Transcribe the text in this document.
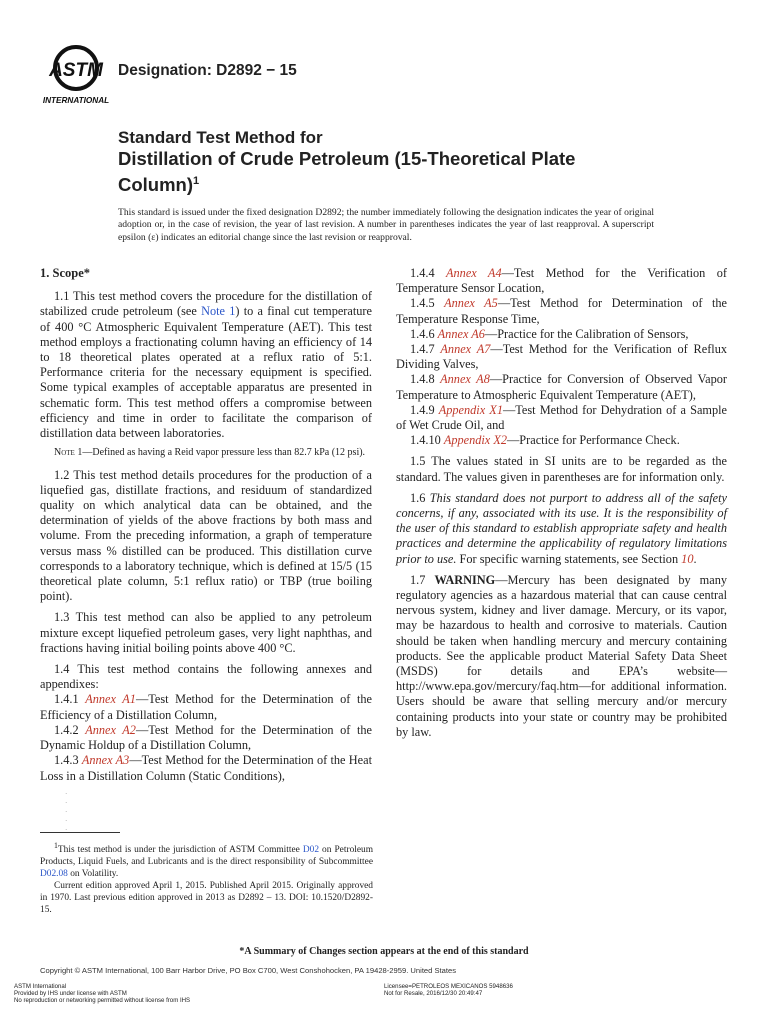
ASTM
INTERNATIONAL
Designation: D2892 − 15
Standard Test Method for
Distillation of Crude Petroleum (15-Theoretical Plate Column)$^1$
This standard is issued under the fixed designation D2892; the number immediately following the designation indicates the year of original adoption or, in the case of revision, the year of last revision. A number in parentheses indicates the year of last reapproval. A superscript epsilon (ε) indicates an editorial change since the last revision or reapproval.
1. Scope*

1.1 This test method covers the procedure for the distillation of stabilized crude petroleum (see Note 1) to a final cut temperature of 400 °C Atmospheric Equivalent Temperature (AET). This test method employs a fractionating column having an efficiency of 14 to 18 theoretical plates operated at a reflux ratio of 5:1. Performance criteria for the necessary equipment is specified. Some typical examples of acceptable apparatus are presented in schematic form. This test method offers a compromise between efficiency and time in order to facilitate the comparison of distillation data between laboratories.

Note 1—Defined as having a Reid vapor pressure less than 82.7 kPa (12 psi).

1.2 This test method details procedures for the production of a liquefied gas, distillate fractions, and residuum of standardized quality on which analytical data can be obtained, and the determination of yields of the above fractions by both mass and volume. From the preceding information, a graph of temperature versus mass % distilled can be produced. This distillation curve corresponds to a laboratory technique, which is defined at 15/5 (15 theoretical plate column, 5:1 reflux ratio) or TBP (true boiling point).

1.3 This test method can also be applied to any petroleum mixture except liquefied petroleum gases, very light naphthas, and fractions having initial boiling points above 400 °C.

1.4 This test method contains the following annexes and appendixes:

1.4.1 Annex A1—Test Method for the Determination of the Efficiency of a Distillation Column,

1.4.2 Annex A2—Test Method for the Determination of the Dynamic Holdup of a Distillation Column,

1.4.3 Annex A3—Test Method for the Determination of the Heat Loss in a Distillation Column (Static Conditions),

1.4.4 Annex A4—Test Method for the Verification of Temperature Sensor Location,

1.4.5 Annex A5—Test Method for Determination of the Temperature Response Time,

1.4.6 Annex A6—Practice for the Calibration of Sensors,

1.4.7 Annex A7—Test Method for the Verification of Reflux Dividing Valves,

1.4.8 Annex A8—Practice for Conversion of Observed Vapor Temperature to Atmospheric Equivalent Temperature (AET),

1.4.9 Appendix X1—Test Method for Dehydration of a Sample of Wet Crude Oil, and

1.4.10 Appendix X2—Practice for Performance Check.

1.5 The values stated in SI units are to be regarded as the standard. The values given in parentheses are for information only.

1.6 This standard does not purport to address all of the safety concerns, if any, associated with its use. It is the responsibility of the user of this standard to establish appropriate safety and health practices and determine the applicability of regulatory limitations prior to use. For specific warning statements, see Section 10.

1.7 WARNING—Mercury has been designated by many regulatory agencies as a hazardous material that can cause central nervous system, kidney and liver damage. Mercury, or its vapor, may be hazardous to health and corrosive to materials. Caution should be taken when handling mercury and mercury containing products. See the applicable product Material Safety Data Sheet (MSDS) for details and EPA’s website—http://www.epa.gov/mercury/faq.htm—for additional information. Users should be aware that selling mercury and/or mercury containing products into your state or country may be prohibited by law.

·
·
·
·
·

$^1$This test method is under the jurisdiction of ASTM Committee D02 on Petroleum Products, Liquid Fuels, and Lubricants and is the direct responsibility of Subcommittee D02.08 on Volatility.

Current edition approved April 1, 2015. Published April 2015. Originally approved in 1970. Last previous edition approved in 2013 as D2892 – 13. DOI: 10.1520/D2892-15.

*A Summary of Changes section appears at the end of this standard
Copyright © ASTM International, 100 Barr Harbor Drive, PO Box C700, West Conshohocken, PA 19428-2959. United States
ASTM International
Provided by IHS under license with ASTM
No reproduction or networking permitted without license from IHS
Licensee=PETROLEOS MEXICANOS 5948636
Not for Resale, 2016/12/30 20:49:47
